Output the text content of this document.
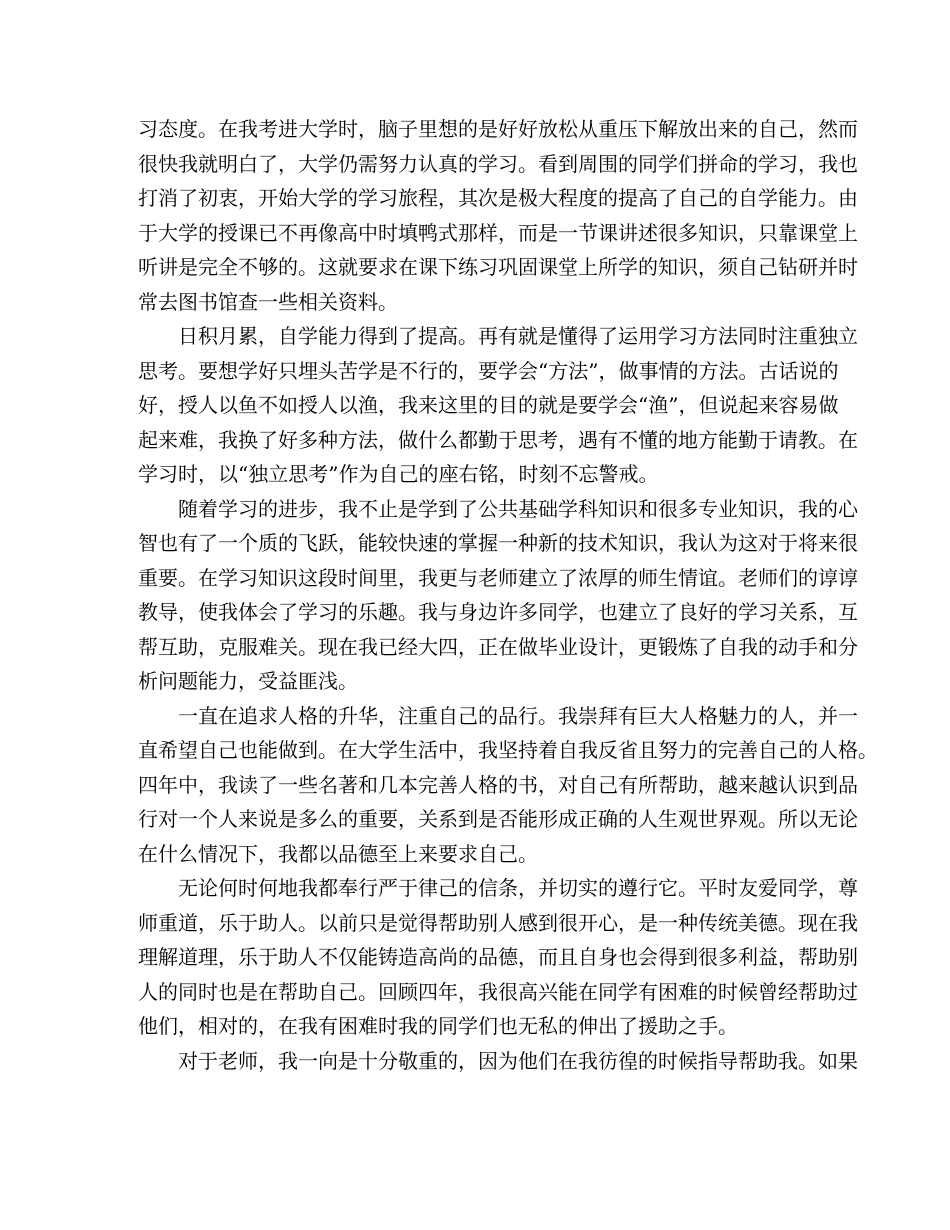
习态度。在我考进大学时，脑子里想的是好好放松从重压下解放出来的自己，然而
很快我就明白了，大学仍需努力认真的学习。看到周围的同学们拼命的学习，我也
打消了初衷，开始大学的学习旅程，其次是极大程度的提高了自己的自学能力。由
于大学的授课已不再像高中时填鸭式那样，而是一节课讲述很多知识，只靠课堂上
听讲是完全不够的。这就要求在课下练习巩固课堂上所学的知识，须自己钻研并时
常去图书馆查一些相关资料。
日积月累，自学能力得到了提高。再有就是懂得了运用学习方法同时注重独立
思考。要想学好只埋头苦学是不行的，要学会“方法”，做事情的方法。古话说的
好，授人以鱼不如授人以渔，我来这里的目的就是要学会“渔”，但说起来容易做
起来难，我换了好多种方法，做什么都勤于思考，遇有不懂的地方能勤于请教。在
学习时，以“独立思考”作为自己的座右铭，时刻不忘警戒。
随着学习的进步，我不止是学到了公共基础学科知识和很多专业知识，我的心
智也有了一个质的飞跃，能较快速的掌握一种新的技术知识，我认为这对于将来很
重要。在学习知识这段时间里，我更与老师建立了浓厚的师生情谊。老师们的谆谆
教导，使我体会了学习的乐趣。我与身边许多同学，也建立了良好的学习关系，互
帮互助，克服难关。现在我已经大四，正在做毕业设计，更锻炼了自我的动手和分
析问题能力，受益匪浅。
一直在追求人格的升华，注重自己的品行。我崇拜有巨大人格魅力的人，并一
直希望自己也能做到。在大学生活中，我坚持着自我反省且努力的完善自己的人格。
四年中，我读了一些名著和几本完善人格的书，对自己有所帮助，越来越认识到品
行对一个人来说是多么的重要，关系到是否能形成正确的人生观世界观。所以无论
在什么情况下，我都以品德至上来要求自己。
无论何时何地我都奉行严于律己的信条，并切实的遵行它。平时友爱同学，尊
师重道，乐于助人。以前只是觉得帮助别人感到很开心，是一种传统美德。现在我
理解道理，乐于助人不仅能铸造高尚的品德，而且自身也会得到很多利益，帮助别
人的同时也是在帮助自己。回顾四年，我很高兴能在同学有困难的时候曾经帮助过
他们，相对的，在我有困难时我的同学们也无私的伸出了援助之手。
对于老师，我一向是十分敬重的，因为他们在我彷徨的时候指导帮助我。如果
